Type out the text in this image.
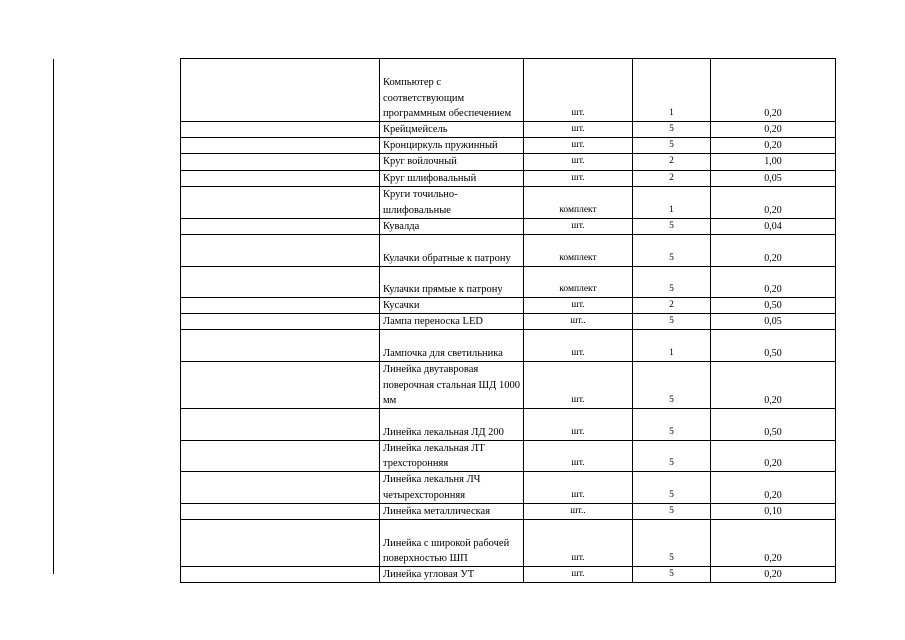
	Компьютер с соответствующим программным обеспечением	шт.	1	0,20
	Крейцмейсель	шт.	5	0,20
	Кронциркуль пружинный	шт.	5	0,20
	Круг войлочный	шт.	2	1,00
	Круг шлифовальный	шт.	2	0,05
	Круги точильно-шлифовальные	комплект	1	0,20
	Кувалда	шт.	5	0,04
	Кулачки обратные к патрону	комплект	5	0,20
	Кулачки прямые к патрону	комплект	5	0,20
	Кусачки	шт.	2	0,50
	Лампа переноска LED	шт..	5	0,05
	Лампочка для светильника	шт.	1	0,50
	Линейка двутавровая поверочная стальная ШД 1000 мм	шт.	5	0,20
	Линейка лекальная ЛД 200	шт.	5	0,50
	Линейка лекальная ЛТ трехсторонняя	шт.	5	0,20
	Линейка лекальня ЛЧ четырехсторонняя	шт.	5	0,20
	Линейка металлическая	шт..	5	0,10
	Линейка с широкой рабочей поверхностью ШП	шт.	5	0,20
	Линейка угловая УТ	шт.	5	0,20
